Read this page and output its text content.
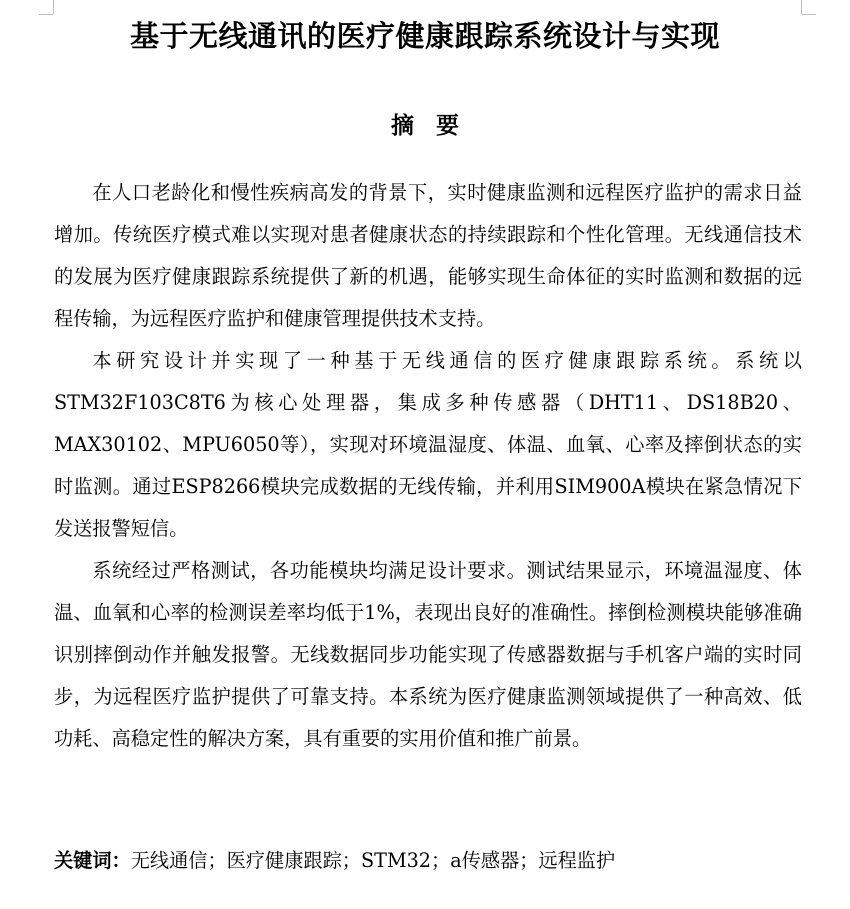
基于无线通讯的医疗健康跟踪系统设计与实现
摘要

在人口老龄化和慢性疾病高发的背景下，实时健康监测和远程医疗监护的需求日益增加。传统医疗模式难以实现对患者健康状态的持续跟踪和个性化管理。无线通信技术的发展为医疗健康跟踪系统提供了新的机遇，能够实现生命体征的实时监测和数据的远程传输，为远程医疗监护和健康管理提供技术支持。

本研究设计并实现了一种基于无线通信的医疗健康跟踪系统。系统以STM32F103C8T6为核心处理器，集成多种传感器（DHT11、DS18B20、MAX30102、MPU6050等），实现对环境温湿度、体温、血氧、心率及摔倒状态的实时监测。通过ESP8266模块完成数据的无线传输，并利用SIM900A模块在紧急情况下发送报警短信。

系统经过严格测试，各功能模块均满足设计要求。测试结果显示，环境温湿度、体温、血氧和心率的检测误差率均低于1%，表现出良好的准确性。摔倒检测模块能够准确识别摔倒动作并触发报警。无线数据同步功能实现了传感器数据与手机客户端的实时同步，为远程医疗监护提供了可靠支持。本系统为医疗健康监测领域提供了一种高效、低功耗、高稳定性的解决方案，具有重要的实用价值和推广前景。

关键词：无线通信；医疗健康跟踪；STM32；a传感器；远程监护
